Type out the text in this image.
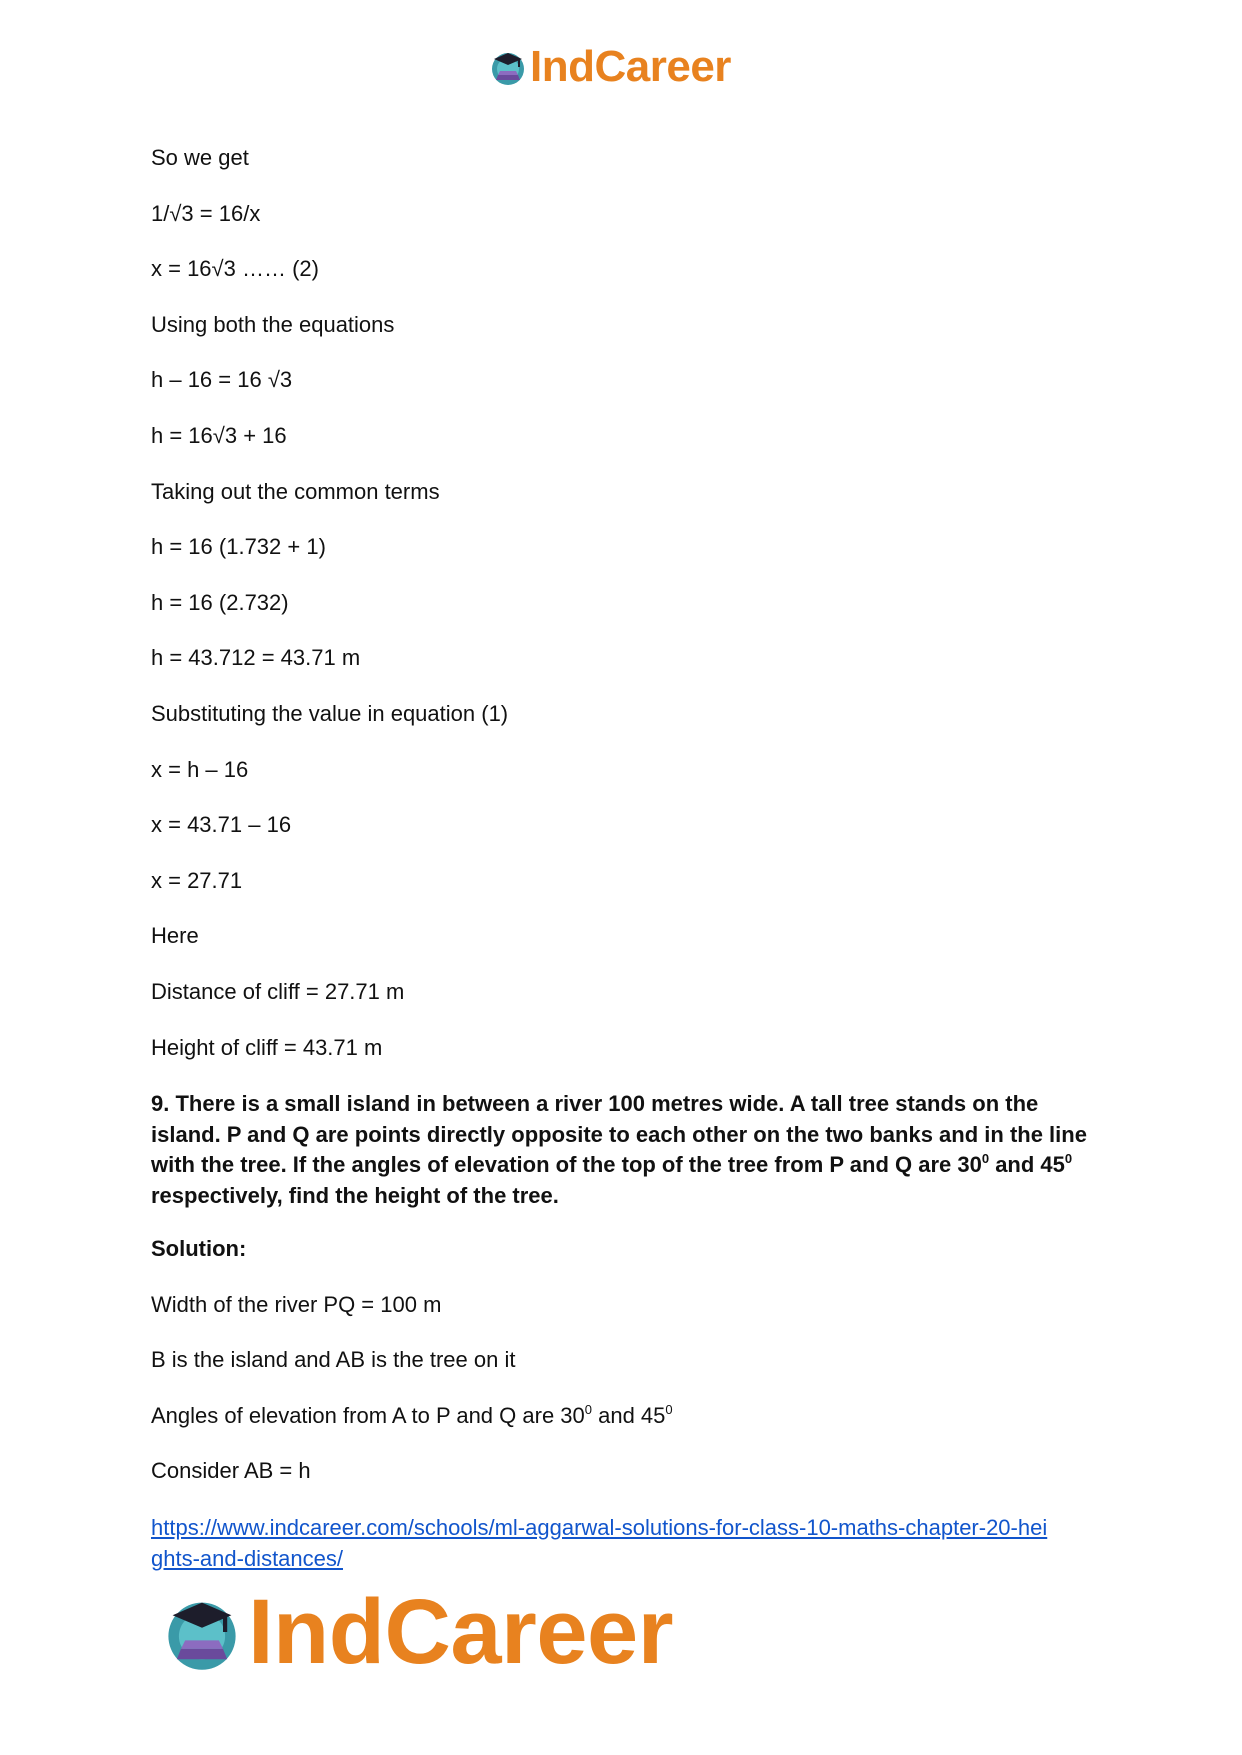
IndCareer
So we get
1/√3 = 16/x
x = 16√3 …… (2)
Using both the equations
h – 16 = 16 √3
h = 16√3 + 16
Taking out the common terms
h = 16 (1.732 + 1)
h = 16 (2.732)
h = 43.712 = 43.71 m
Substituting the value in equation (1)
x = h – 16
x = 43.71 – 16
x = 27.71
Here
Distance of cliff = 27.71 m
Height of cliff = 43.71 m
9. There is a small island in between a river 100 metres wide. A tall tree stands on the island. P and Q are points directly opposite to each other on the two banks and in the line with the tree. If the angles of elevation of the top of the tree from P and Q are $30^0$ and $45^0$ respectively, find the height of the tree.
Solution:
Width of the river PQ = 100 m
B is the island and AB is the tree on it
Angles of elevation from A to P and Q are $30^0$ and $45^0$
Consider AB = h
https://www.indcareer.com/schools/ml-aggarwal-solutions-for-class-10-maths-chapter-20-hei
ghts-and-distances/
IndCareer
